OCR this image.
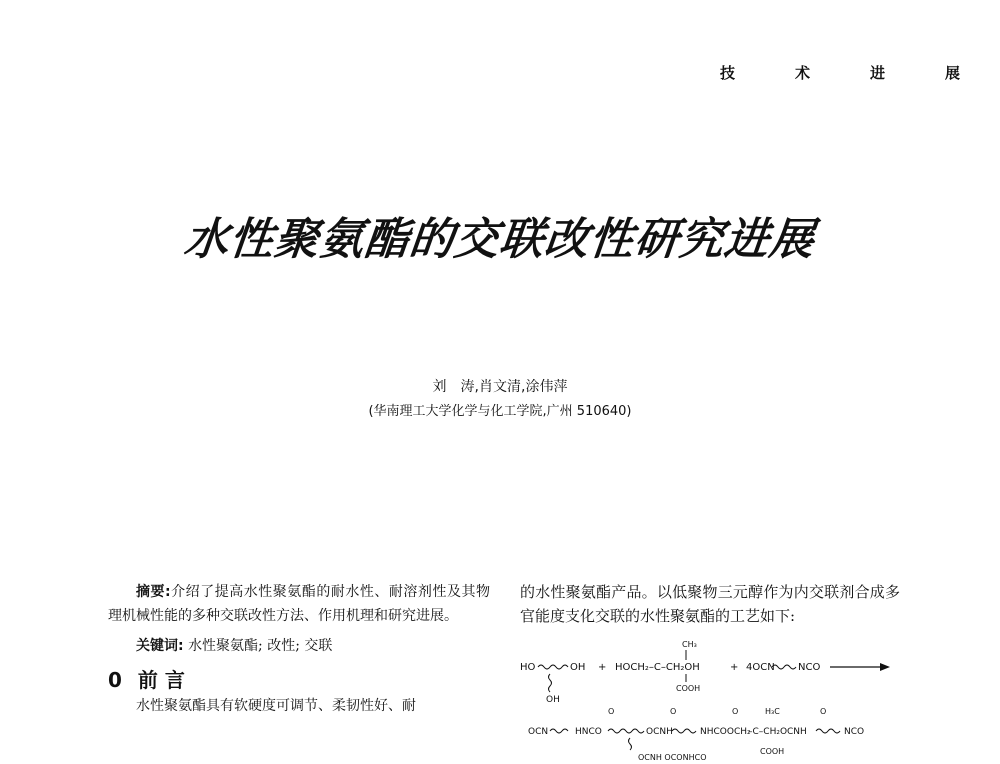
技	术	进	展
水性聚氨酯的交联改性研究进展
刘　涛,肖文清,涂伟萍
(华南理工大学化学与化工学院,广州 510640)

摘要:介绍了提高水性聚氨酯的耐水性、耐溶剂性及其物理机械性能的多种交联改性方法、作用机理和研究进展。

关键词: 水性聚氨酯; 改性; 交联

0 前 言

水性聚氨酯具有软硬度可调节、柔韧性好、耐

的水性聚氨酯产品。以低聚物三元醇作为内交联剂合成多官能度支化交联的水性聚氨酯的工艺如下:

HO	OH
OH
+
CH₃
HOCH₂–C–CH₂OH
COOH
+ 4OCN NCO
O
O	O	O
H₃C
OCN	HNCO	OCNH	NHCOOCH₂
–C–CH₂OCNH	NCO
COOH
OCNH OCONHCO
